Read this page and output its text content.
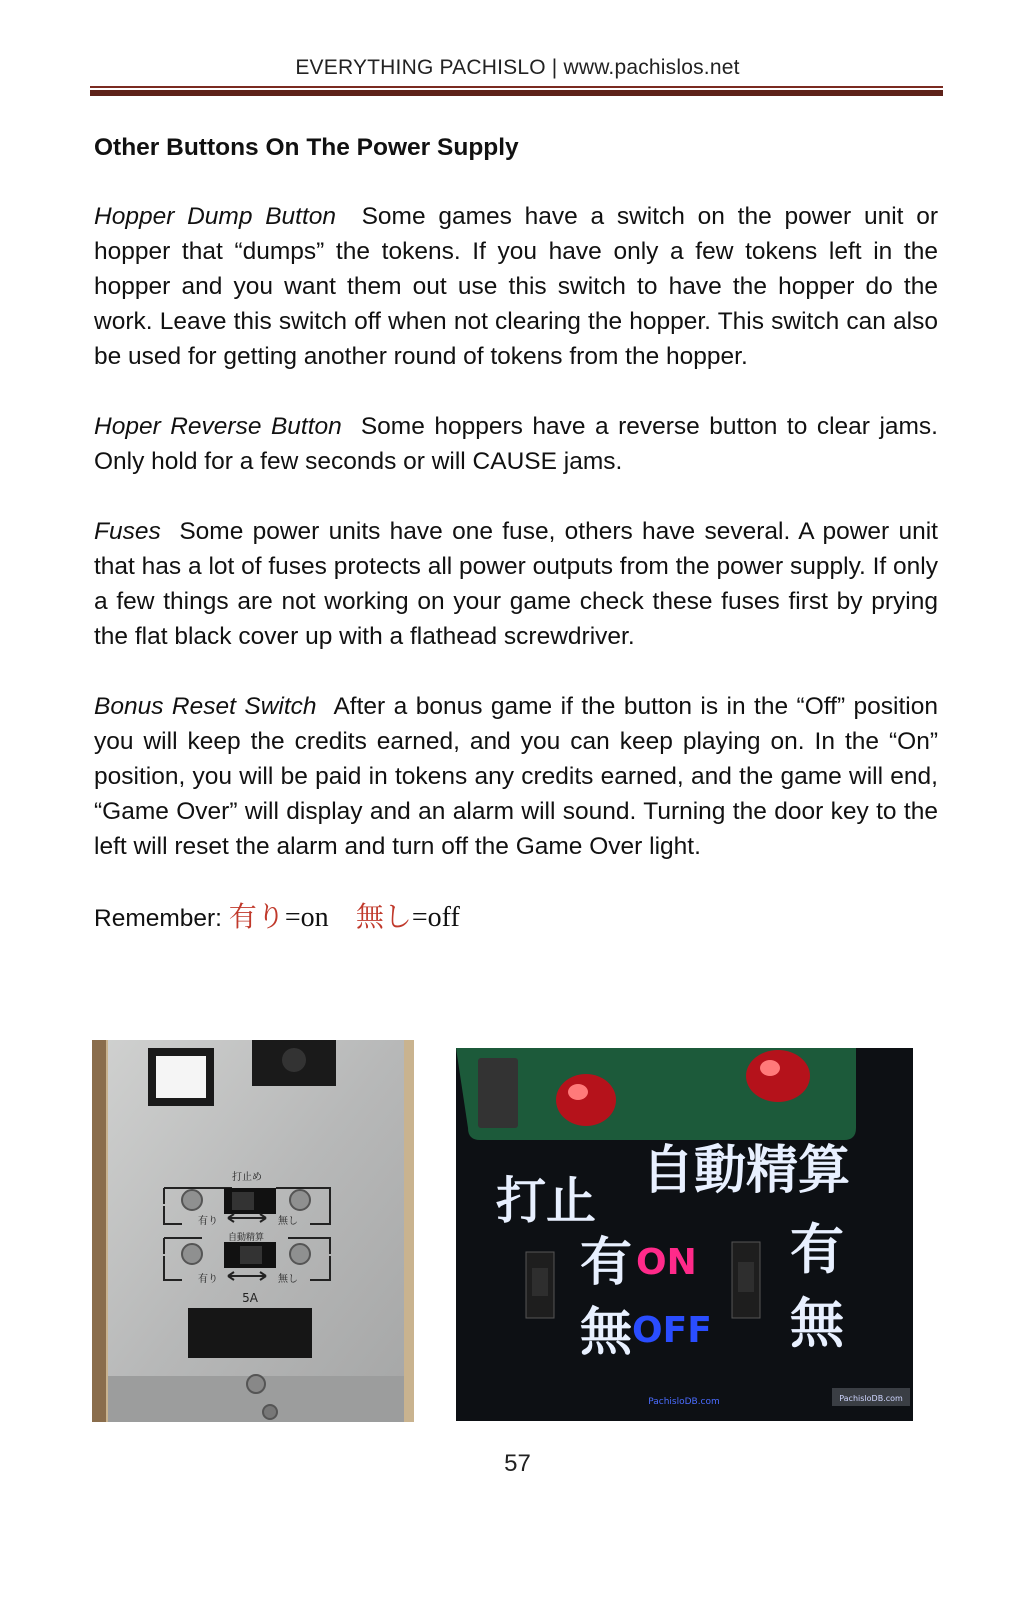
EVERYTHING PACHISLO | www.pachislos.net
Other Buttons On The Power Supply

Hopper Dump Button Some games have a switch on the power unit or hopper that “dumps” the tokens. If you have only a few tokens left in the hopper and you want them out use this switch to have the hopper do the work. Leave this switch off when not clearing the hopper. This switch can also be used for getting another round of tokens from the hopper.

Hoper Reverse Button Some hoppers have a reverse button to clear jams. Only hold for a few seconds or will CAUSE jams.

Fuses Some power units have one fuse, others have several. A power unit that has a lot of fuses protects all power outputs from the power supply. If only a few things are not working on your game check these fuses first by prying the flat black cover up with a flathead screwdriver.

Bonus Reset Switch After a bonus game if the button is in the “Off” position you will keep the credits earned, and you can keep playing on. In the “On” position, you will be paid in tokens any credits earned, and the game will end, “Game Over” will display and an alarm will sound. Turning the door key to the left will reset the alarm and turn off the Game Over light.

Remember: 有り=on 無し=off
打止め
有り	無し
自動精算
有り	無し
5A
打止 自動精算
有 ON
無 OFF
有
無
PachisloDB.com	PachisloDB.com
57
